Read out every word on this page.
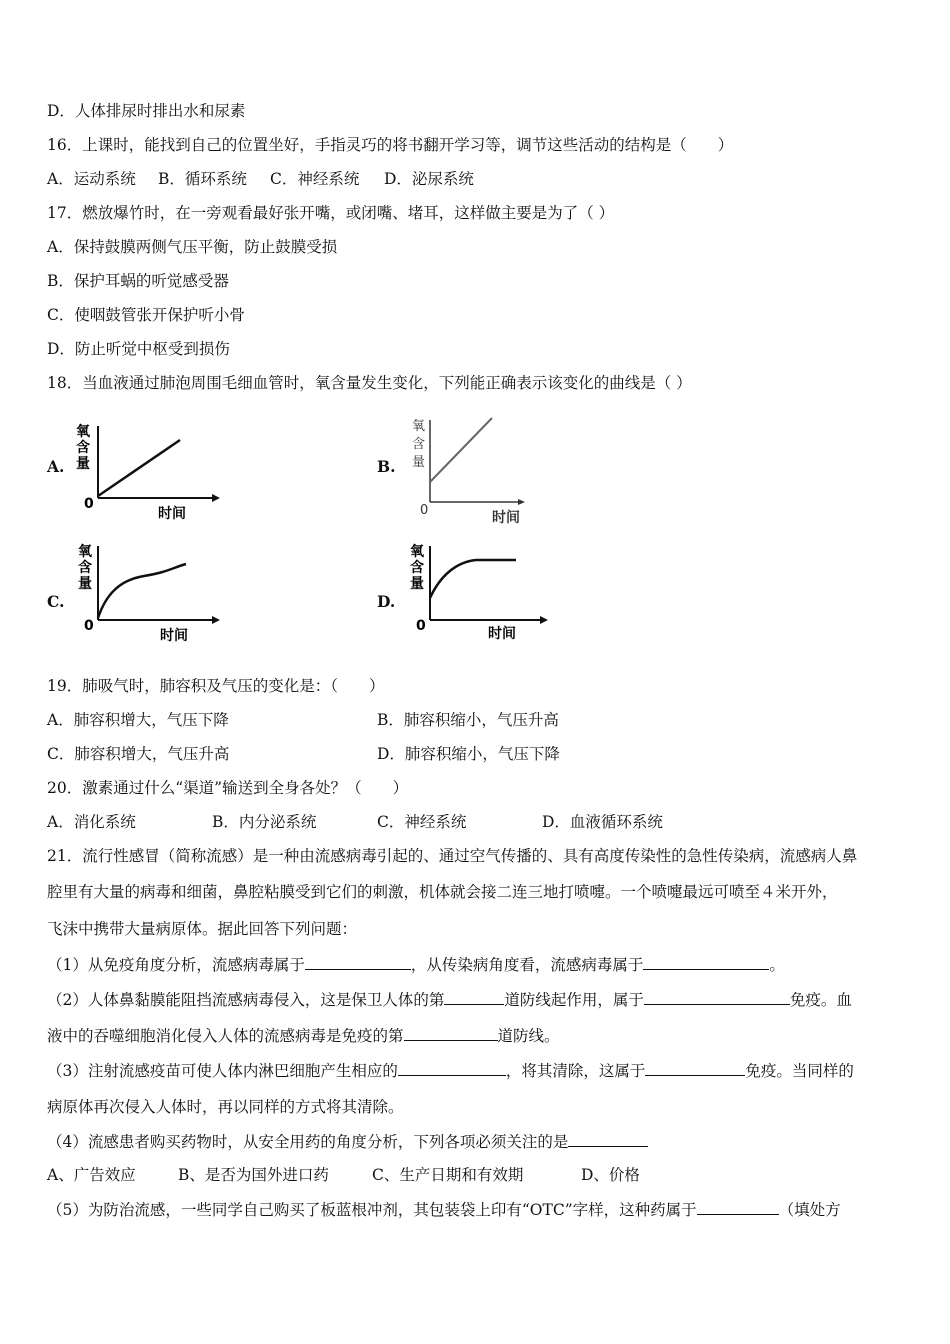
D．人体排尿时排出水和尿素
16．上课时，能找到自己的位置坐好，手指灵巧的将书翻开学习等，调节这些活动的结构是（　　）
A．运动系统 B．循环系统 C．神经系统 D．泌尿系统
17．燃放爆竹时，在一旁观看最好张开嘴，或闭嘴、堵耳，这样做主要是为了（ ）
A．保持鼓膜两侧气压平衡，防止鼓膜受损
B．保护耳蜗的听觉感受器
C．使咽鼓管张开保护听小骨
D．防止听觉中枢受到损伤
18．当血液通过肺泡周围毛细血管时，氧含量发生变化，下列能正确表示该变化的曲线是（ ）
A.
氧
含
量
0
时间
B.
氧
含
量
0	时间
C.
氧
含
量
0
时间
D.
氧
含
量
0	时间
19．肺吸气时，肺容积及气压的变化是：（　　）
A．肺容积增大，气压下降	B．肺容积缩小，气压升高
C．肺容积增大，气压升高	D．肺容积缩小，气压下降
20．激素通过什么“渠道”输送到全身各处？（　　）
A．消化系统	B．内分泌系统	C．神经系统	D．血液循环系统
21．流行性感冒（简称流感）是一种由流感病毒引起的、通过空气传播的、具有高度传染性的急性传染病，流感病人鼻
腔里有大量的病毒和细菌，鼻腔粘膜受到它们的刺激，机体就会接二连三地打喷嚏。一个喷嚏最远可喷至４米开外，
飞沫中携带大量病原体。据此回答下列问题：
（1）从免疫角度分析，流感病毒属于	，从传染病角度看，流感病毒属于	。
（2）人体鼻黏膜能阻挡流感病毒侵入，这是保卫人体的第	道防线起作用，属于	免疫。血
液中的吞噬细胞消化侵入人体的流感病毒是免疫的第	道防线。
（3）注射流感疫苗可使人体内淋巴细胞产生相应的	，将其清除，这属于	免疫。当同样的
病原体再次侵入人体时，再以同样的方式将其清除。
（4）流感患者购买药物时，从安全用药的角度分析，下列各项必须关注的是
A、广告效应	B、是否为国外进口药	C、生产日期和有效期	D、价格
（5）为防治流感，一些同学自己购买了板蓝根冲剂，其包装袋上印有“OTC”字样，这种药属于	（填处方
